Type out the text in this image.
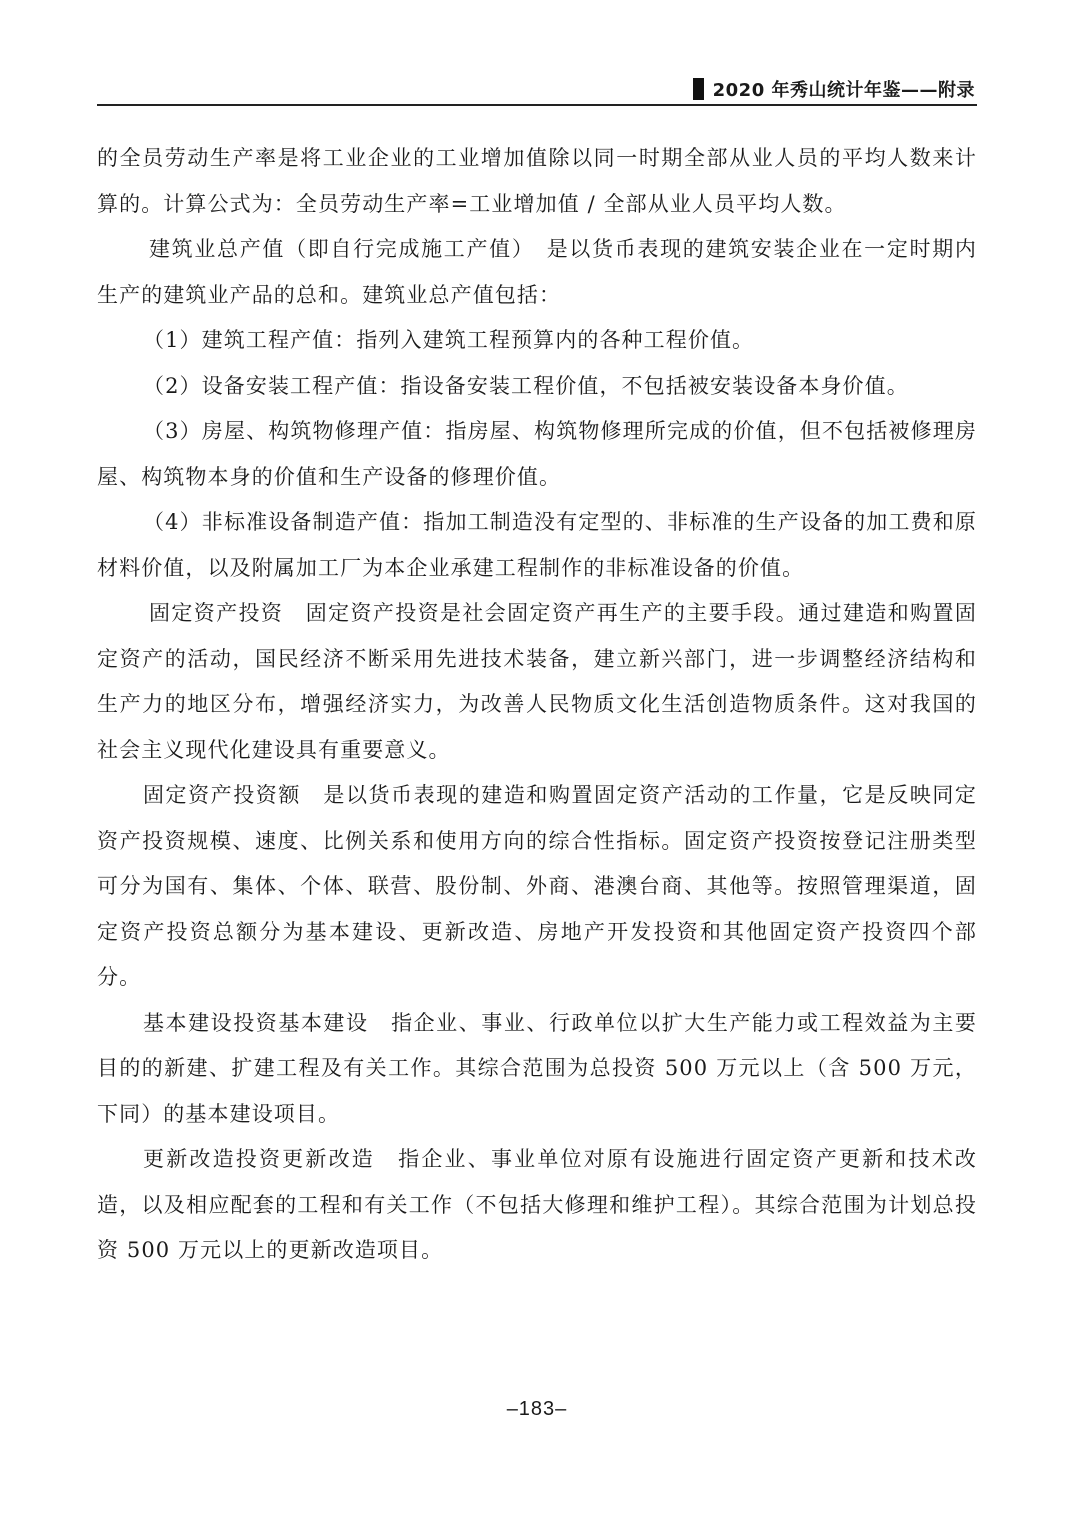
2020 年秀山统计年鉴——附录

的全员劳动生产率是将工业企业的工业增加值除以同一时期全部从业人员的平均人数来计算的。计算公式为：全员劳动生产率=工业增加值 / 全部从业人员平均人数。

建筑业总产值（即自行完成施工产值）　是以货币表现的建筑安装企业在一定时期内生产的建筑业产品的总和。建筑业总产值包括：

（1）建筑工程产值：指列入建筑工程预算内的各种工程价值。

（2）设备安装工程产值：指设备安装工程价值，不包括被安装设备本身价值。

（3）房屋、构筑物修理产值：指房屋、构筑物修理所完成的价值，但不包括被修理房屋、构筑物本身的价值和生产设备的修理价值。

（4）非标准设备制造产值：指加工制造没有定型的、非标准的生产设备的加工费和原材料价值，以及附属加工厂为本企业承建工程制作的非标准设备的价值。

固定资产投资　固定资产投资是社会固定资产再生产的主要手段。通过建造和购置固定资产的活动，国民经济不断采用先进技术装备，建立新兴部门，进一步调整经济结构和生产力的地区分布，增强经济实力，为改善人民物质文化生活创造物质条件。这对我国的社会主义现代化建设具有重要意义。

固定资产投资额　是以货币表现的建造和购置固定资产活动的工作量，它是反映同定资产投资规模、速度、比例关系和使用方向的综合性指标。固定资产投资按登记注册类型可分为国有、集体、个体、联营、股份制、外商、港澳台商、其他等。按照管理渠道，固定资产投资总额分为基本建设、更新改造、房地产开发投资和其他固定资产投资四个部分。

基本建设投资基本建设　指企业、事业、行政单位以扩大生产能力或工程效益为主要目的的新建、扩建工程及有关工作。其综合范围为总投资 500 万元以上（含 500 万元，下同）的基本建设项目。

更新改造投资更新改造　指企业、事业单位对原有设施进行固定资产更新和技术改造，以及相应配套的工程和有关工作（不包括大修理和维护工程）。其综合范围为计划总投资 500 万元以上的更新改造项目。

–183–
